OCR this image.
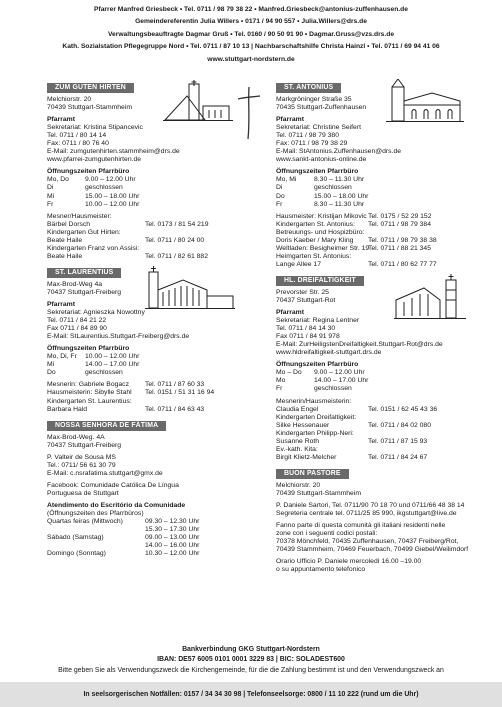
Pfarrer Manfred Griesbeck • Tel. 0711 / 98 79 38 22 • Manfred.Griesbeck@antonius-zuffenhausen.de
Gemeindereferentin Julia Willers • 0171 / 94 90 557 • Julia.Willers@drs.de
Verwaltungsbeauftragte Dagmar Gruß • Tel. 0160 / 90 50 91 90 • Dagmar.Gruss@vzs.drs.de
Kath. Sozialstation Pflegegruppe Nord • Tel. 0711 / 87 10 13 | Nachbarschaftshilfe Christa Hainzl • Tel. 0711 / 69 94 41 06
www.stuttgart-nordstern.de
ZUM GUTEN HIRTEN
Melchiorstr. 20
70439 Stuttgart-Stammheim
Pfarramt
Sekretariat: Kristina Stipancevic
Tel. 0711 / 80 14 14
Fax: 0711 / 80 76 40
E-Mail: zumgutenhirten.stammheim@drs.de
www.pfarrei-zumgutenhirten.de
Öffnungszeiten Pfarrbüro
Mo, Do	9.00 – 12.00 Uhr
Di	geschlossen
Mi	15.00 – 18.00 Uhr
Fr	10.00 – 12.00 Uhr
Mesner/Hausmeister:
Bärbel Dorsch	Tel. 0173 / 81 54 219
Kindergarten Gut Hirten:
Beate Haile	Tel. 0711 / 80 24 00
Kindergarten Franz von Assisi:
Beate Haile	Tel. 0711 / 82 61 882
ST. LAURENTIUS
Max-Brod-Weg 4a
70437 Stuttgart-Freiberg
Pfarramt
Sekretariat: Agnieszka Nowottny
Tel. 0711 / 84 21 22
Fax 0711 / 84 89 90
E-Mail: StLaurentius.Stuttgart-Freiberg@drs.de
Öffnungszeiten Pfarrbüro
Mo, Di, Fr	10.00 – 12.00 Uhr
Mi	14.00 – 17.00 Uhr
Do	geschlossen
Mesnerin: Gabriele Bogacz	Tel. 0711 / 87 60 33
Hausmeisterin: Sibylle Stahl	Tel. 0151 / 51 31 16 94
Kindergarten St. Laurentius:
Barbara Hald	Tel. 0711 / 84 63 43
NOSSA SENHORA DE FÁTIMA
Max-Brod-Weg. 4A
70437 Stuttgart-Freiberg
P. Valteir de Sousa MS
Tel.: 0711/ 56 61 30 79
E-Mail: c.nsrafatima.stuttgart@gmx.de
Facebook: Comunidade Católica De Língua
Portuguesa de Stuttgart
Atendimento do Escritório da Comunidade
(Öffnungszeiten des Pfarrbüros)
Quartas feiras (Mittwoch)	09.30 – 12.30 Uhr
15.30 – 17.30 Uhr
Sábado (Samstag)	09.00 – 13.00 Uhr
14.00 – 16.00 Uhr
Domingo (Sonntag)	10.30 – 12.00 Uhr
ST. ANTONIUS
Markgröninger Straße 35
70435 Stuttgart-Zuffenhausen
Pfarramt
Sekretariat: Christine Seifert
Tel. 0711 / 98 79 380
Fax: 0711 / 98 79 38 29
E-Mail: StAntonius.Zuffenhausen@drs.de
www.sankt-antonius-online.de
Öffnungszeiten Pfarrbüro
Mo, Mi	8.30 – 11.30 Uhr
Di	geschlossen
Do	15.00 – 18.00 Uhr
Fr	8.30 – 11.30 Uhr
Hausmeister: Kristijan Mikovic Tel. 0175 / 52 29 152
Kindergarten St. Antonius:	Tel. 0711 / 98 79 384
Betreuungs- und Hospizbüro:
Doris Kaeber / Mary Kling	Tel. 0711 / 98 79 38 38
Weltladen: Besigheimer Str. 19
Tel. 0711 / 88 21 345
Heimgarten St. Antonius:
Lange Allee 17	Tel. 0711 / 80 62 77 77
HL. DREIFALTIGKEIT
Prevorster Str. 25
70437 Stuttgart-Rot
Pfarramt
Sekretariat: Regina Lentner
Tel. 0711 / 84 14 30
Fax 0711 / 84 91 978
E-Mail: ZurHeiligstenDreifaltigkeit.Stuttgart-Rot@drs.de
www.hldreifaltigkeit-stuttgart.drs.de
Öffnungszeiten Pfarrbüro
Mo – Do	9.00 – 12.00 Uhr
Mo	14.00 – 17.00 Uhr
Fr	geschlossen
Mesnerin/Hausmeisterin:
Claudia Engel	Tel. 0151 / 62 45 43 36
Kindergarten Dreifaltigkeit:
Silke Hessenauer	Tel. 0711 / 84 02 080
Kindergarten Philipp-Neri:
Susanne Roth	Tel. 0711 / 87 15 93
Ev.-kath. Kita:
Birgit Klietz-Melcher	Tel. 0711 / 84 24 67
BUON PASTORE
Melchiorstr. 20
70439 Stuttgart-Stammheim
P. Daniele Sartori, Tel. 0711/90 70 18 70 und 0711/66 48 38 14
Segreteria centrale tel. 0711/25 85 990, ikgstuttgart@live.de
Fanno parte di questa comunità gli italiani residenti nelle
zone con i seguenti codici postali:
70378 Mönchfeld, 70435 Zuffenhausen, 70437 Freiberg/Rot,
70439 Stammheim, 70469 Feuerbach, 70499 Giebel/Weilimdorf
Orario Ufficio P. Daniele mercoledì 16.00 –19.00
o su appuntamento telefonico
Bankverbindung GKG Stuttgart-Nordstern
IBAN: DE57 6005 0101 0001 3229 83 | BIC: SOLADEST600
Bitte geben Sie als Verwendungszweck die Kirchengemeinde, für die die Zahlung bestimmt ist und den Verwendungszweck an
In seelsorgerischen Notfällen: 0157 / 34 34 30 98 | Telefonseelsorge: 0800 / 11 10 222 (rund um die Uhr)
